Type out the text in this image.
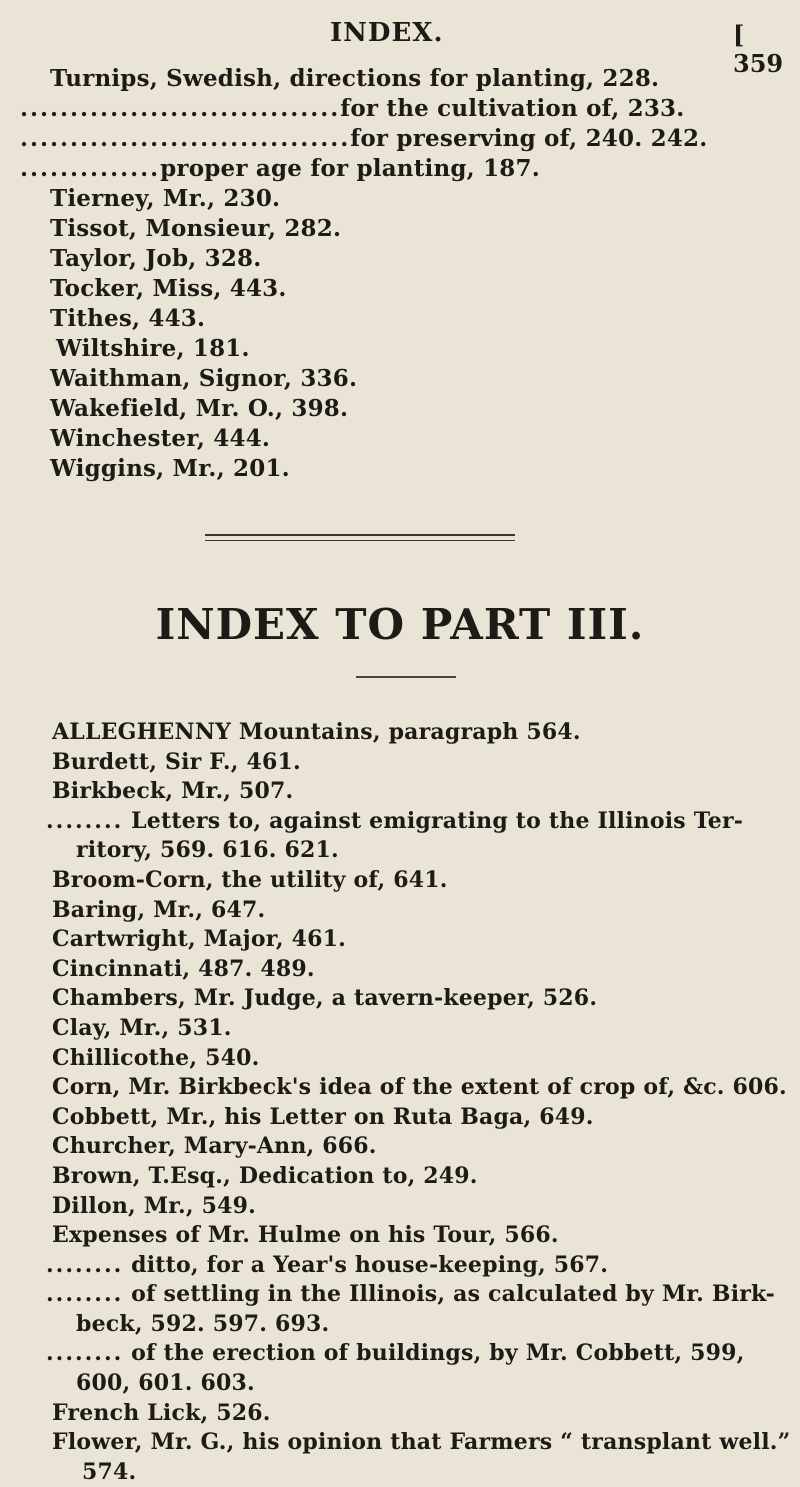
INDEX.	[ 359
Turnips, Swedish, directions for planting, 228.
................................for the cultivation of, 233.
.................................for preserving of, 240. 242.
..............proper age for planting, 187.
Tierney, Mr., 230.
Tissot, Monsieur, 282.
Taylor, Job, 328.
Tocker, Miss, 443.
Tithes, 443.
Wiltshire, 181.
Waithman, Signor, 336.
Wakefield, Mr. O., 398.
Winchester, 444.
Wiggins, Mr., 201.
INDEX TO PART III.
ALLEGHENNY Mountains, paragraph 564.
Burdett, Sir F., 461.
Birkbeck, Mr., 507.
........ Letters to, against emigrating to the Illinois Ter-
ritory, 569. 616. 621.
Broom-Corn, the utility of, 641.
Baring, Mr., 647.
Cartwright, Major, 461.
Cincinnati, 487. 489.
Chambers, Mr. Judge, a tavern-keeper, 526.
Clay, Mr., 531.
Chillicothe, 540.
Corn, Mr. Birkbeck's idea of the extent of crop of, &c. 606.
Cobbett, Mr., his Letter on Ruta Baga, 649.
Churcher, Mary-Ann, 666.
Brown, T.Esq., Dedication to, 249.
Dillon, Mr., 549.
Expenses of Mr. Hulme on his Tour, 566.
........ ditto, for a Year's house-keeping, 567.
........ of settling in the Illinois, as calculated by Mr. Birk-
beck, 592. 597. 693.
........ of the erection of buildings, by Mr. Cobbett, 599,
600, 601. 603.
French Lick, 526.
Flower, Mr. G., his opinion that Farmers “ transplant well.”
574.
